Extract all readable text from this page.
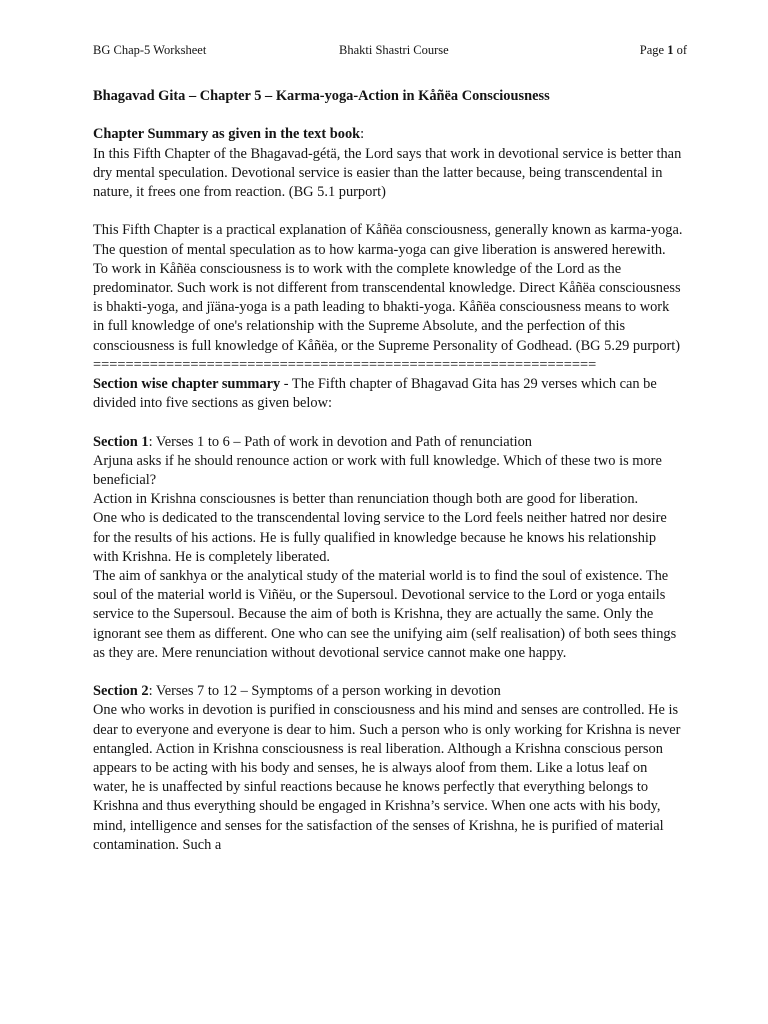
BG Chap-5 Worksheet	Bhakti Shastri Course	Page 1 of

Bhagavad Gita – Chapter 5 – Karma-yoga-Action in Kåñëa Consciousness

Chapter Summary as given in the text book:

In this Fifth Chapter of the Bhagavad-gétä, the Lord says that work in devotional service is better than dry mental speculation. Devotional service is easier than the latter because, being transcendental in nature, it frees one from reaction. (BG 5.1 purport)

This Fifth Chapter is a practical explanation of Kåñëa consciousness, generally known as karma-yoga. The question of mental speculation as to how karma-yoga can give liberation is answered herewith. To work in Kåñëa consciousness is to work with the complete knowledge of the Lord as the predominator. Such work is not different from transcendental knowledge. Direct Kåñëa consciousness is bhakti-yoga, and jïäna-yoga is a path leading to bhakti-yoga. Kåñëa consciousness means to work in full knowledge of one's relationship with the Supreme Absolute, and the perfection of this consciousness is full knowledge of Kåñëa, or the Supreme Personality of Godhead. (BG 5.29 purport)

==============================================================

Section wise chapter summary - The Fifth chapter of Bhagavad Gita has 29 verses which can be divided into five sections as given below:

Section 1: Verses 1 to 6 – Path of work in devotion and Path of renunciation

Arjuna asks if he should renounce action or work with full knowledge. Which of these two is more beneficial?

Action in Krishna consciousnes is better than renunciation though both are good for liberation.

One who is dedicated to the transcendental loving service to the Lord feels neither hatred nor desire for the results of his actions. He is fully qualified in knowledge because he knows his relationship with Krishna. He is completely liberated.

The aim of sankhya or the analytical study of the material world is to find the soul of existence. The soul of the material world is Viñëu, or the Supersoul. Devotional service to the Lord or yoga entails service to the Supersoul. Because the aim of both is Krishna, they are actually the same. Only the ignorant see them as different. One who can see the unifying aim (self realisation) of both sees things as they are. Mere renunciation without devotional service cannot make one happy.

Section 2: Verses 7 to 12 – Symptoms of a person working in devotion

One who works in devotion is purified in consciousness and his mind and senses are controlled. He is dear to everyone and everyone is dear to him. Such a person who is only working for Krishna is never entangled. Action in Krishna consciousness is real liberation. Although a Krishna conscious person appears to be acting with his body and senses, he is always aloof from them. Like a lotus leaf on water, he is unaffected by sinful reactions because he knows perfectly that everything belongs to Krishna and thus everything should be engaged in Krishna’s service. When one acts with his body, mind, intelligence and senses for the satisfaction of the senses of Krishna, he is purified of material contamination. Such a
